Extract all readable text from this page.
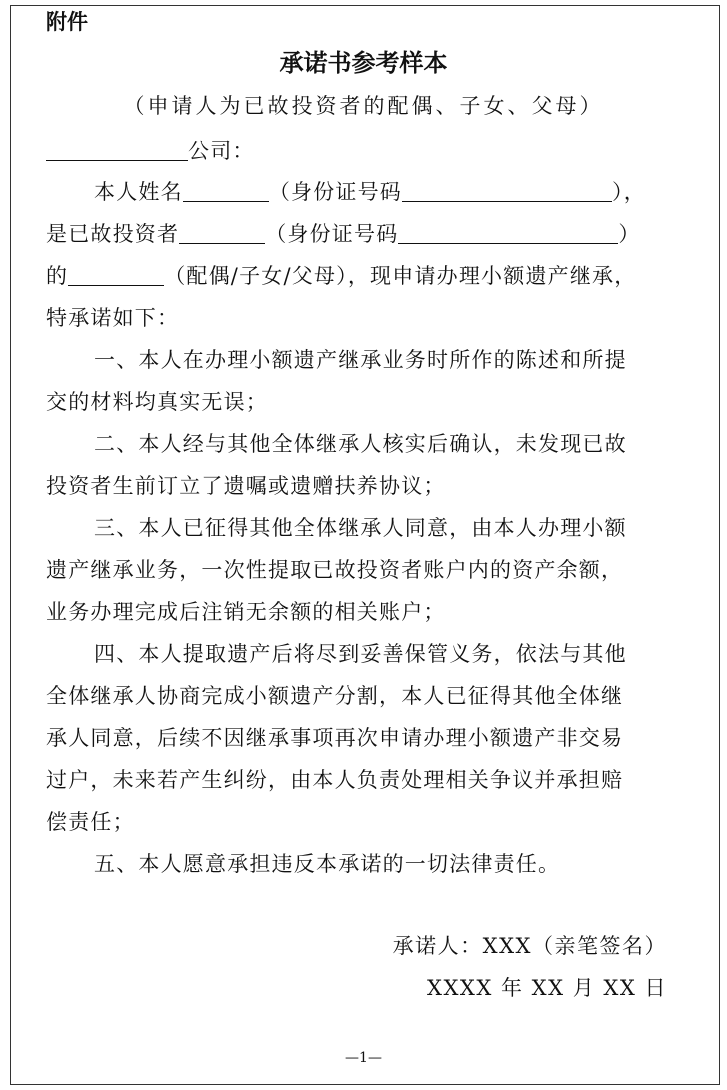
附件
承诺书参考样本
（申请人为已故投资者的配偶、子女、父母）
公司：
本人姓名	（身份证号码	），
是已故投资者	（身份证号码	）
的	（配偶/子女/父母），现申请办理小额遗产继承，
特承诺如下：
一、本人在办理小额遗产继承业务时所作的陈述和所提
交的材料均真实无误；
二、本人经与其他全体继承人核实后确认，未发现已故
投资者生前订立了遗嘱或遗赠扶养协议；
三、本人已征得其他全体继承人同意，由本人办理小额
遗产继承业务，一次性提取已故投资者账户内的资产余额，
业务办理完成后注销无余额的相关账户；
四、本人提取遗产后将尽到妥善保管义务，依法与其他
全体继承人协商完成小额遗产分割，本人已征得其他全体继
承人同意，后续不因继承事项再次申请办理小额遗产非交易
过户，未来若产生纠纷，由本人负责处理相关争议并承担赔
偿责任；
五、本人愿意承担违反本承诺的一切法律责任。
承诺人：XXX（亲笔签名）
XXXX 年 XX 月 XX 日
—1—
